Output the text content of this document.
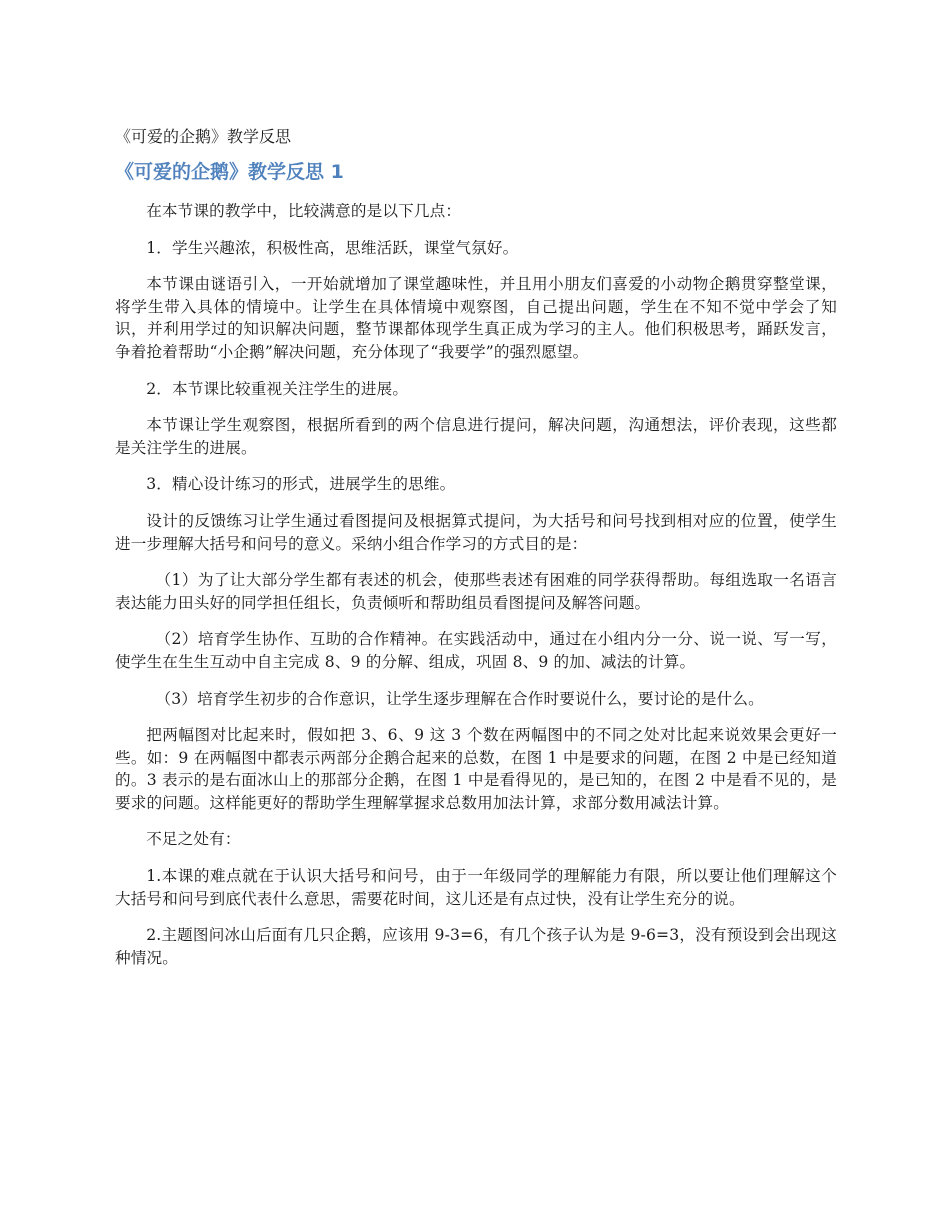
《可爱的企鹅》教学反思
《可爱的企鹅》教学反思 1

在本节课的教学中，比较满意的是以下几点：

1．学生兴趣浓，积极性高，思维活跃，课堂气氛好。

本节课由谜语引入，一开始就增加了课堂趣味性，并且用小朋友们喜爱的小动物企鹅贯穿整堂课，将学生带入具体的情境中。让学生在具体情境中观察图，自己提出问题，学生在不知不觉中学会了知识，并利用学过的知识解决问题，整节课都体现学生真正成为学习的主人。他们积极思考，踊跃发言，争着抢着帮助“小企鹅”解决问题，充分体现了“我要学”的强烈愿望。

2．本节课比较重视关注学生的进展。

本节课让学生观察图，根据所看到的两个信息进行提问，解决问题，沟通想法，评价表现，这些都是关注学生的进展。

3．精心设计练习的形式，进展学生的思维。

设计的反馈练习让学生通过看图提问及根据算式提问，为大括号和问号找到相对应的位置，使学生进一步理解大括号和问号的意义。采纳小组合作学习的方式目的是：

（1）为了让大部分学生都有表述的机会，使那些表述有困难的同学获得帮助。每组选取一名语言表达能力田头好的同学担任组长，负责倾听和帮助组员看图提问及解答问题。

（2）培育学生协作、互助的合作精神。在实践活动中，通过在小组内分一分、说一说、写一写，使学生在生生互动中自主完成 8、9 的分解、组成，巩固 8、9 的加、减法的计算。

（3）培育学生初步的合作意识，让学生逐步理解在合作时要说什么，要讨论的是什么。

把两幅图对比起来时，假如把 3、6、9 这 3 个数在两幅图中的不同之处对比起来说效果会更好一些。如：9 在两幅图中都表示两部分企鹅合起来的总数，在图 1 中是要求的问题，在图 2 中是已经知道的。3 表示的是右面冰山上的那部分企鹅，在图 1 中是看得见的，是已知的，在图 2 中是看不见的，是要求的问题。这样能更好的帮助学生理解掌握求总数用加法计算，求部分数用减法计算。

不足之处有：

1.本课的难点就在于认识大括号和问号，由于一年级同学的理解能力有限，所以要让他们理解这个大括号和问号到底代表什么意思，需要花时间，这儿还是有点过快，没有让学生充分的说。

2.主题图问冰山后面有几只企鹅，应该用 9-3=6，有几个孩子认为是 9-6=3，没有预设到会出现这种情况。
